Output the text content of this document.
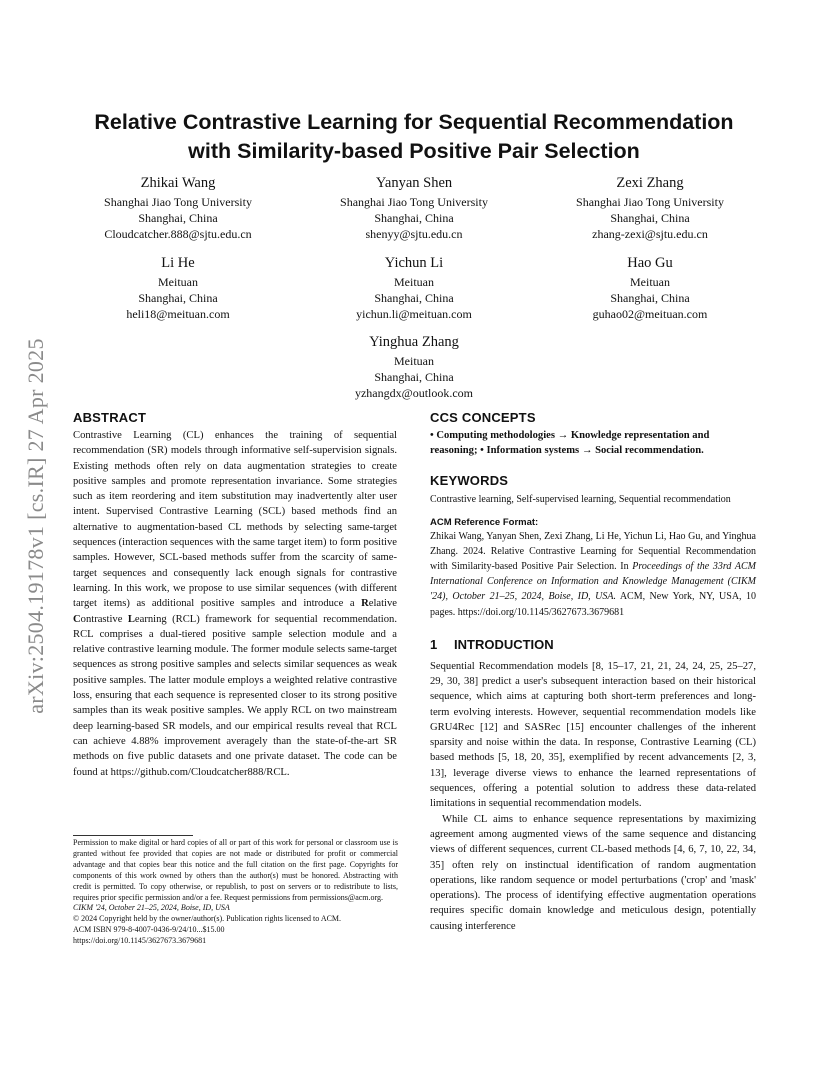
arXiv:2504.19178v1 [cs.IR] 27 Apr 2025
Relative Contrastive Learning for Sequential Recommendation
with Similarity-based Positive Pair Selection
Zhikai Wang
Shanghai Jiao Tong University
Shanghai, China
Cloudcatcher.888@sjtu.edu.cn
Yanyan Shen
Shanghai Jiao Tong University
Shanghai, China
shenyy@sjtu.edu.cn
Zexi Zhang
Shanghai Jiao Tong University
Shanghai, China
zhang-zexi@sjtu.edu.cn
Li He
Meituan
Shanghai, China
heli18@meituan.com
Yichun Li
Meituan
Shanghai, China
yichun.li@meituan.com
Hao Gu
Meituan
Shanghai, China
guhao02@meituan.com
Yinghua Zhang
Meituan
Shanghai, China
yzhangdx@outlook.com
ABSTRACT
Contrastive Learning (CL) enhances the training of sequential recommendation (SR) models through informative self-supervision signals. Existing methods often rely on data augmentation strategies to create positive samples and promote representation invariance. Some strategies such as item reordering and item substitution may inadvertently alter user intent. Supervised Contrastive Learning (SCL) based methods find an alternative to augmentation-based CL methods by selecting same-target sequences (interaction sequences with the same target item) to form positive samples. However, SCL-based methods suffer from the scarcity of same-target sequences and consequently lack enough signals for contrastive learning. In this work, we propose to use similar sequences (with different target items) as additional positive samples and introduce a Relative Contrastive Learning (RCL) framework for sequential recommendation. RCL comprises a dual-tiered positive sample selection module and a relative contrastive learning module. The former module selects same-target sequences as strong positive samples and selects similar sequences as weak positive samples. The latter module employs a weighted relative contrastive loss, ensuring that each sequence is represented closer to its strong positive samples than its weak positive samples. We apply RCL on two mainstream deep learning-based SR models, and our empirical results reveal that RCL can achieve 4.88% improvement averagely than the state-of-the-art SR methods on five public datasets and one private dataset. The code can be found at https://github.com/Cloudcatcher888/RCL.
Permission to make digital or hard copies of all or part of this work for personal or classroom use is granted without fee provided that copies are not made or distributed for profit or commercial advantage and that copies bear this notice and the full citation on the first page. Copyrights for components of this work owned by others than the author(s) must be honored. Abstracting with credit is permitted. To copy otherwise, or republish, to post on servers or to redistribute to lists, requires prior specific permission and/or a fee. Request permissions from permissions@acm.org.
CIKM '24, October 21–25, 2024, Boise, ID, USA
© 2024 Copyright held by the owner/author(s). Publication rights licensed to ACM.
ACM ISBN 979-8-4007-0436-9/24/10...$15.00
https://doi.org/10.1145/3627673.3679681
CCS CONCEPTS
• Computing methodologies → Knowledge representation and reasoning; • Information systems → Social recommendation.
KEYWORDS
Contrastive learning, Self-supervised learning, Sequential recommendation
ACM Reference Format:
Zhikai Wang, Yanyan Shen, Zexi Zhang, Li He, Yichun Li, Hao Gu, and Yinghua Zhang. 2024. Relative Contrastive Learning for Sequential Recommendation with Similarity-based Positive Pair Selection. In Proceedings of the 33rd ACM International Conference on Information and Knowledge Management (CIKM '24), October 21–25, 2024, Boise, ID, USA. ACM, New York, NY, USA, 10 pages. https://doi.org/10.1145/3627673.3679681
1 INTRODUCTION
Sequential Recommendation models [8, 15–17, 21, 21, 24, 24, 25, 25–27, 29, 30, 38] predict a user's subsequent interaction based on their historical sequence, which aims at capturing both short-term preferences and long-term evolving interests. However, sequential recommendation models like GRU4Rec [12] and SASRec [15] encounter challenges of the inherent sparsity and noise within the data. In response, Contrastive Learning (CL) based methods [5, 18, 20, 35], exemplified by recent advancements [2, 3, 13], leverage diverse views to enhance the learned representations of sequences, offering a potential solution to address these data-related limitations in sequential recommendation models.
While CL aims to enhance sequence representations by maximizing agreement among augmented views of the same sequence and distancing views of different sequences, current CL-based methods [4, 6, 7, 10, 22, 34, 35] often rely on instinctual identification of random augmentation operations, like random sequence or model perturbations ('crop' and 'mask' operations). The process of identifying effective augmentation operations requires specific domain knowledge and meticulous design, potentially causing interference
